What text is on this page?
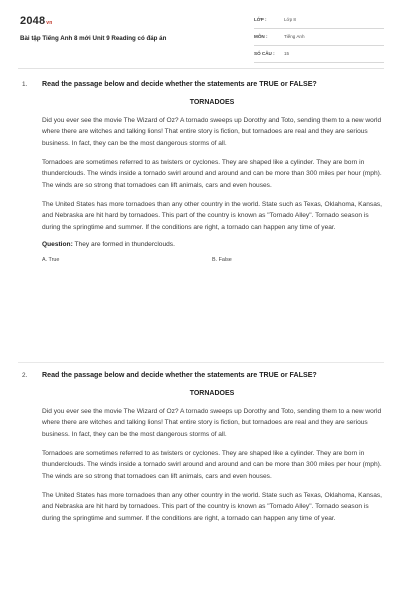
2048vn
Bài tập Tiếng Anh 8 mới Unit 9 Reading có đáp án
LỚP :	Lớp 8
MÔN :	Tiếng Anh
SỐ CÂU : 15
1. Read the passage below and decide whether the statements are TRUE or FALSE?
TORNADOES

Did you ever see the movie The Wizard of Oz? A tornado sweeps up Dorothy and Toto, sending them to a new world where there are witches and talking lions! That entire story is fiction, but tornadoes are real and they are serious business. In fact, they can be the most dangerous storms of all.

Tornadoes are sometimes referred to as twisters or cyclones. They are shaped like a cylinder. They are born in thunderclouds. The winds inside a tornado swirl around and around and can be more than 300 miles per hour (mph). The winds are so strong that tornadoes can lift animals, cars and even houses.

The United States has more tornadoes than any other country in the world. State such as Texas, Oklahoma, Kansas, and Nebraska are hit hard by tornadoes. This part of the country is known as "Tornado Alley". Tornado season is during the springtime and summer. If the conditions are right, a tornado can happen any time of year.

Question: They are formed in thunderclouds.
A. True	B. False
2. Read the passage below and decide whether the statements are TRUE or FALSE?
TORNADOES

Did you ever see the movie The Wizard of Oz? A tornado sweeps up Dorothy and Toto, sending them to a new world where there are witches and talking lions! That entire story is fiction, but tornadoes are real and they are serious business. In fact, they can be the most dangerous storms of all.

Tornadoes are sometimes referred to as twisters or cyclones. They are shaped like a cylinder. They are born in thunderclouds. The winds inside a tornado swirl around and around and can be more than 300 miles per hour (mph). The winds are so strong that tornadoes can lift animals, cars and even houses.

The United States has more tornadoes than any other country in the world. State such as Texas, Oklahoma, Kansas, and Nebraska are hit hard by tornadoes. This part of the country is known as "Tornado Alley". Tornado season is during the springtime and summer. If the conditions are right, a tornado can happen any time of year.
